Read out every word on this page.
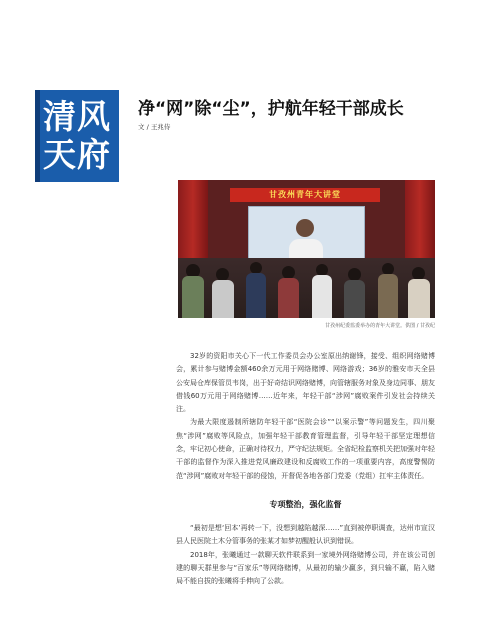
清风
天府
净“网”除“尘”，护航年轻干部成长
文 / 王兆侍
甘孜州青年大讲堂
甘孜州纪委监委举办的青年大讲堂。供图 / 甘孜纪

32岁的资阳市关心下一代工作委员会办公室原出纳谢锋，接受、组织网络赌博会，累计参与赌博金额460余万元用于网络赌博、网络游戏；36岁的雅安市天全县公安局仓库保管员韦岗，出于好奇结识网络赌博，向管辖服务对象及身边同事、朋友借钱60万元用于网络赌博……近年来，年轻干部“涉网”腐败案件引发社会持续关注。

为最大限度遏制所辖防年轻干部“医院会诊”“以案示警”等问题发生，四川聚焦“涉网”腐败等风险点，加强年轻干部教育管理监督，引导年轻干部坚定理想信念，牢记初心使命，正确对待权力，严守纪法规矩。全省纪检监察机关把加强对年轻干部的监督作为深入推进党风廉政建设和反腐败工作的一项重要内容，高度警惕防范“涉网”腐败对年轻干部的侵蚀，开督促各地各部门党委（党组）扛牢主体责任。

专项整治，强化监督

“最初是想‘回本’再转一下，没想到越陷越深……”直到被停职调查，达州市宣汉县人民医院土木分管事务的张某才如梦初醒般认识到错误。

2018年，张曦通过一款聊天软件联系到一家境外网络赌博公司，并在该公司创建的聊天群里参与“百家乐”等网络赌博，从最初的输少赢多，到只输不赢，陷入赌局不能自拔的张曦将手伸向了公款。
